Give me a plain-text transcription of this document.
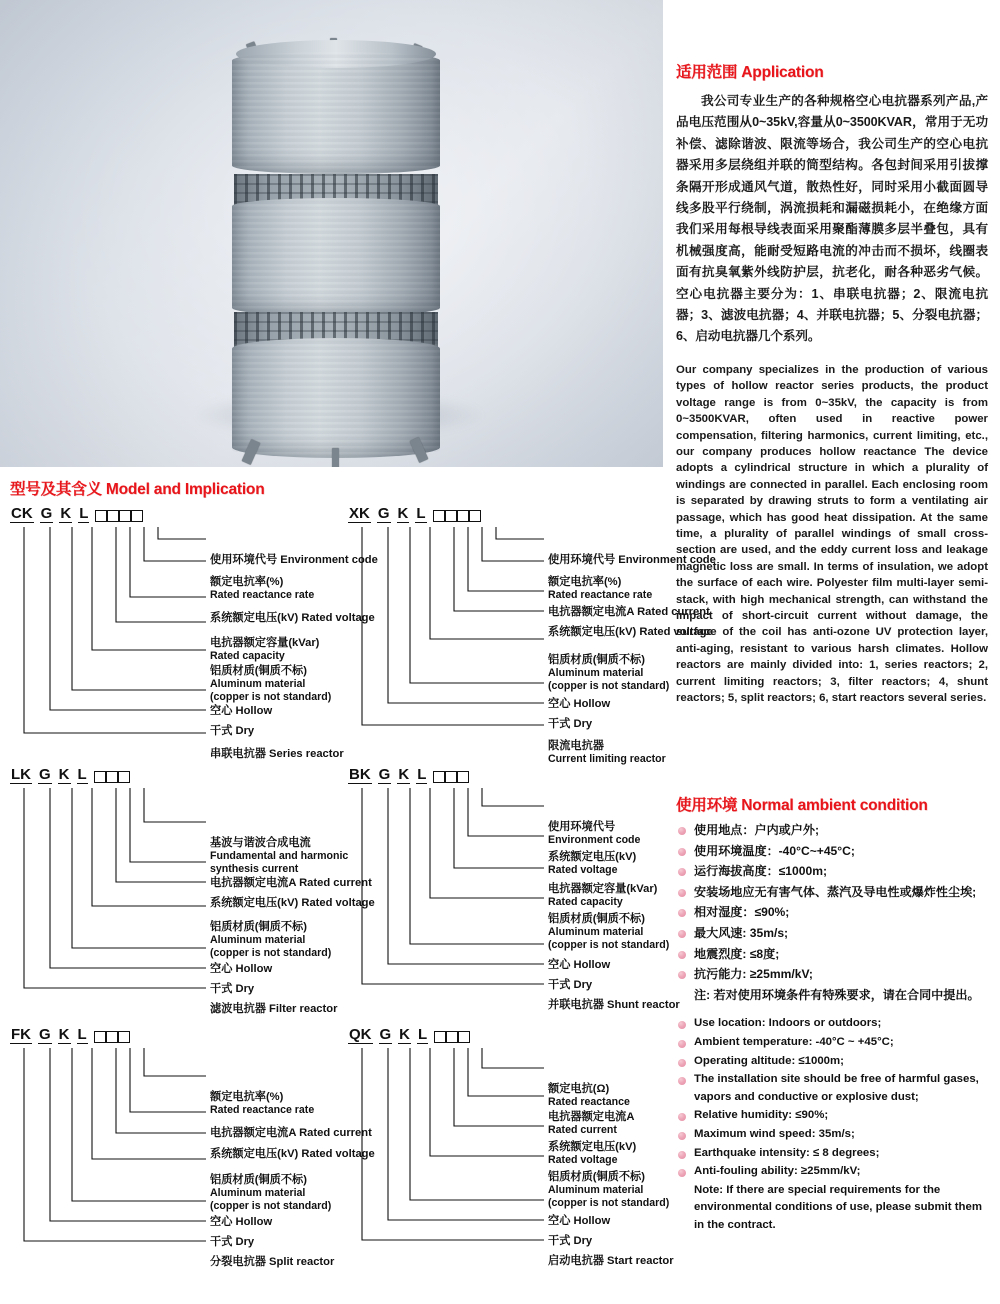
型号及其含义 Model and Implication
CK G K L
使用环境代号 Environment code
额定电抗率(%)
Rated reactance rate
系统额定电压(kV) Rated voltage
电抗器额定容量(kVar)
Rated capacity
铝质材质(铜质不标)
Aluminum material
(copper is not standard)
空心 Hollow
干式 Dry
串联电抗器 Series reactor
XK G K L
使用环境代号 Environment code
额定电抗率(%)
Rated reactance rate
电抗器额定电流A Rated current
系统额定电压(kV) Rated voltage
铝质材质(铜质不标)
Aluminum material
(copper is not standard)
空心 Hollow
干式 Dry
限流电抗器
Current limiting reactor
LK G K L
基波与谐波合成电流
Fundamental and harmonic
synthesis current
电抗器额定电流A Rated current
系统额定电压(kV) Rated voltage
铝质材质(铜质不标)
Aluminum material
(copper is not standard)
空心 Hollow
干式 Dry
滤波电抗器 Filter reactor
BK G K L
使用环境代号
Environment code
系统额定电压(kV)
Rated voltage
电抗器额定容量(kVar)
Rated capacity
铝质材质(铜质不标)
Aluminum material
(copper is not standard)
空心 Hollow
干式 Dry
并联电抗器 Shunt reactor
FK G K L
额定电抗率(%)
Rated reactance rate
电抗器额定电流A Rated current
系统额定电压(kV) Rated voltage
铝质材质(铜质不标)
Aluminum material
(copper is not standard)
空心 Hollow
干式 Dry
分裂电抗器 Split reactor
QK G K L
额定电抗(Ω)
Rated reactance
电抗器额定电流A
Rated current
系统额定电压(kV)
Rated voltage
铝质材质(铜质不标)
Aluminum material
(copper is not standard)
空心 Hollow
干式 Dry
启动电抗器 Start reactor
适用范围 Application
我公司专业生产的各种规格空心电抗器系列产品,产品电压范围从0~35kV,容量从0~3500KVAR，常用于无功补偿、滤除谐波、限流等场合，我公司生产的空心电抗器采用多层绕组并联的筒型结构。各包封间采用引拔撑条隔开形成通风气道，散热性好，同时采用小截面圆导线多股平行绕制，涡流损耗和漏磁损耗小，在绝缘方面我们采用每根导线表面采用聚酯薄膜多层半叠包，具有机械强度高，能耐受短路电流的冲击而不损坏，线圈表面有抗臭氧紫外线防护层，抗老化，耐各种恶劣气候。空心电抗器主要分为：1、串联电抗器；2、限流电抗器；3、滤波电抗器；4、并联电抗器；5、分裂电抗器；6、启动电抗器几个系列。
Our company specializes in the production of various types of hollow reactor series products, the product voltage range is from 0~35kV, the capacity is from 0~3500KVAR, often used in reactive power compensation, filtering harmonics, current limiting, etc., our company produces hollow reactance The device adopts a cylindrical structure in which a plurality of windings are connected in parallel. Each enclosing room is separated by drawing struts to form a ventilating air passage, which has good heat dissipation. At the same time, a plurality of parallel windings of small cross-section are used, and the eddy current loss and leakage magnetic loss are small. In terms of insulation, we adopt the surface of each wire. Polyester film multi-layer semi-stack, with high mechanical strength, can withstand the impact of short-circuit current without damage, the surface of the coil has anti-ozone UV protection layer, anti-aging, resistant to various harsh climates. Hollow reactors are mainly divided into: 1, series reactors; 2, current limiting reactors; 3, filter reactors; 4, shunt reactors; 5, split reactors; 6, start reactors several series.
使用环境 Normal ambient condition
使用地点：户内或户外;
使用环境温度：-40°C~+45°C;
运行海拔高度：≤1000m;
安装场地应无有害气体、蒸汽及导电性或爆炸性尘埃;
相对湿度：≤90%;
最大风速: 35m/s;
地震烈度: ≤8度;
抗污能力: ≥25mm/kV;
注: 若对使用环境条件有特殊要求，请在合同中提出。
Use location: Indoors or outdoors;
Ambient temperature: -40°C ~ +45°C;
Operating altitude: ≤1000m;
The installation site should be free of harmful gases, vapors and conductive or explosive dust;
Relative humidity: ≤90%;
Maximum wind speed: 35m/s;
Earthquake intensity: ≤ 8 degrees;
Anti-fouling ability: ≥25mm/kV;
Note: If there are special requirements for the environmental conditions of use, please submit them in the contract.
